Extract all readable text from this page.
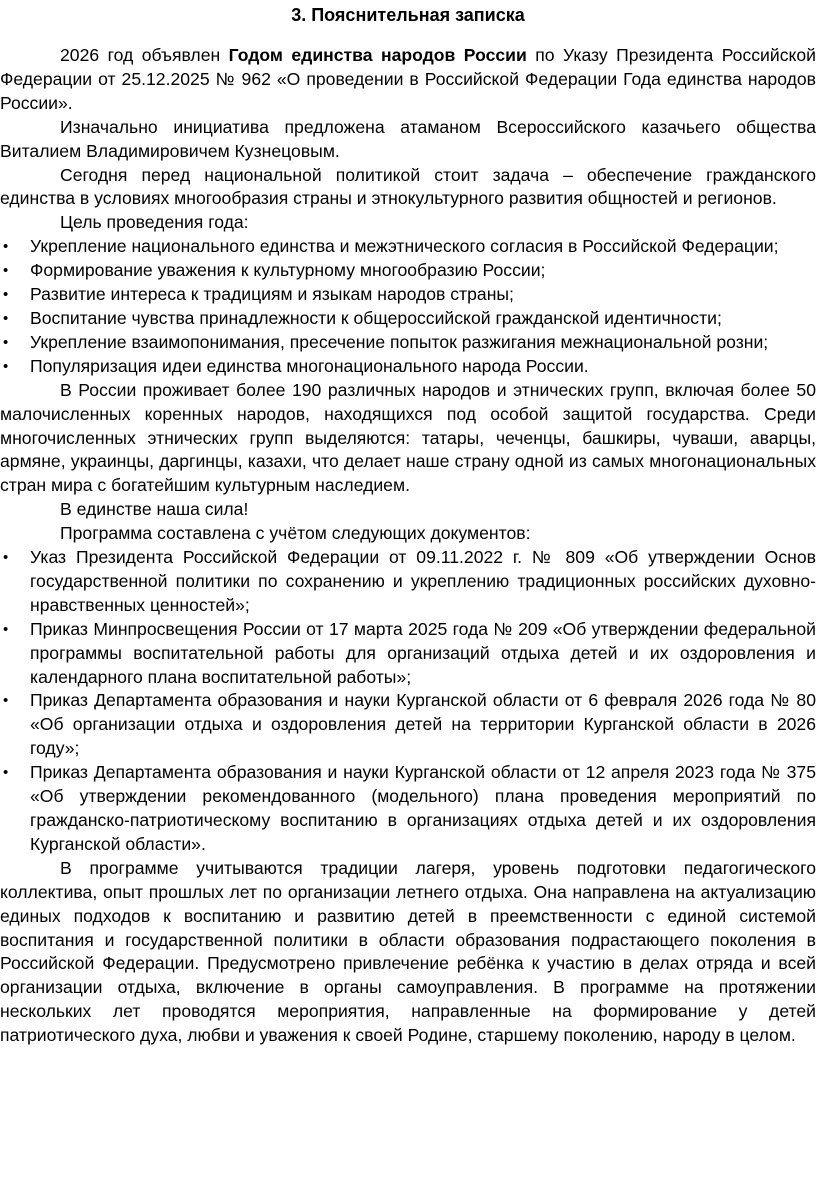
3. Пояснительная записка

2026 год объявлен Годом единства народов России по Указу Президента Российской Федерации от 25.12.2025 № 962 «О проведении в Российской Федерации Года единства народов России».

Изначально инициатива предложена атаманом Всероссийского казачьего общества Виталием Владимировичем Кузнецовым.

Сегодня перед национальной политикой стоит задача – обеспечение гражданского единства в условиях многообразия страны и этнокультурного развития общностей и регионов.

Цель проведения года:

•	Укрепление национального единства и межэтнического согласия в Российской Федерации;
•	Формирование уважения к культурному многообразию России;
•	Развитие интереса к традициям и языкам народов страны;
•	Воспитание чувства принадлежности к общероссийской гражданской идентичности;
•	Укрепление взаимопонимания, пресечение попыток разжигания межнациональной розни;
•	Популяризация идеи единства многонационального народа России.

В России проживает более 190 различных народов и этнических групп, включая более 50 малочисленных коренных народов, находящихся под особой защитой государства. Среди многочисленных этнических групп выделяются: татары, чеченцы, башкиры, чуваши, аварцы, армяне, украинцы, даргинцы, казахи, что делает наше страну одной из самых многонациональных стран мира с богатейшим культурным наследием.

В единстве наша сила!

Программа составлена с учётом следующих документов:

•	Указ Президента Российской Федерации от 09.11.2022 г. № 809 «Об утверждении Основ государственной политики по сохранению и укреплению традиционных российских духовно-нравственных ценностей»;
•	Приказ Минпросвещения России от 17 марта 2025 года № 209 «Об утверждении федеральной программы воспитательной работы для организаций отдыха детей и их оздоровления и календарного плана воспитательной работы»;
•	Приказ Департамента образования и науки Курганской области от 6 февраля 2026 года № 80 «Об организации отдыха и оздоровления детей на территории Курганской области в 2026 году»;
•	Приказ Департамента образования и науки Курганской области от 12 апреля 2023 года № 375 «Об утверждении рекомендованного (модельного) плана проведения мероприятий по гражданско-патриотическому воспитанию в организациях отдыха детей и их оздоровления Курганской области».

В программе учитываются традиции лагеря, уровень подготовки педагогического коллектива, опыт прошлых лет по организации летнего отдыха. Она направлена на актуализацию единых подходов к воспитанию и развитию детей в преемственности с единой системой воспитания и государственной политики в области образования подрастающего поколения в Российской Федерации. Предусмотрено привлечение ребёнка к участию в делах отряда и всей организации отдыха, включение в органы самоуправления. В программе на протяжении нескольких лет проводятся мероприятия, направленные на формирование у детей патриотического духа, любви и уважения к своей Родине, старшему поколению, народу в целом.
